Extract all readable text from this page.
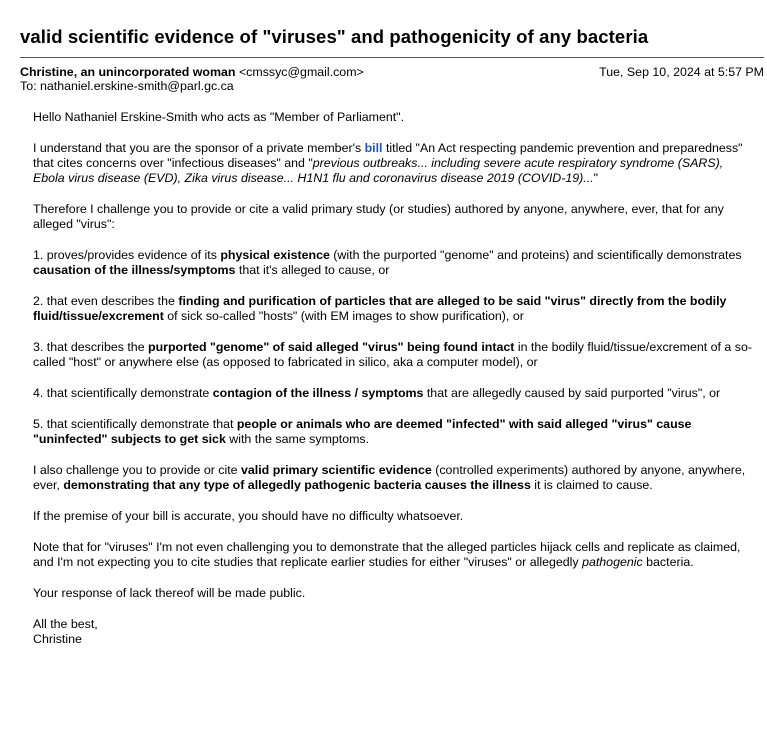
valid scientific evidence of "viruses" and pathogenicity of any bacteria
Christine, an unincorporated woman <cmssyc@gmail.com>	Tue, Sep 10, 2024 at 5:57 PM
To: nathaniel.erskine-smith@parl.gc.ca

Hello Nathaniel Erskine-Smith who acts as "Member of Parliament".

I understand that you are the sponsor of a private member's bill titled "An Act respecting pandemic prevention and preparedness" that cites concerns over "infectious diseases" and "previous outbreaks... including severe acute respiratory syndrome (SARS), Ebola virus disease (EVD), Zika virus disease... H1N1 flu and coronavirus disease 2019 (COVID-19)..."

Therefore I challenge you to provide or cite a valid primary study (or studies) authored by anyone, anywhere, ever, that for any alleged "virus":

1. proves/provides evidence of its physical existence (with the purported "genome" and proteins) and scientifically demonstrates causation of the illness/symptoms that it's alleged to cause, or

2. that even describes the finding and purification of particles that are alleged to be said "virus" directly from the bodily fluid/tissue/excrement of sick so-called "hosts" (with EM images to show purification), or

3. that describes the purported "genome" of said alleged "virus" being found intact in the bodily fluid/tissue/excrement of a so-called "host" or anywhere else (as opposed to fabricated in silico, aka a computer model), or

4. that scientifically demonstrate contagion of the illness / symptoms that are allegedly caused by said purported "virus", or

5. that scientifically demonstrate that people or animals who are deemed "infected" with said alleged "virus" cause "uninfected" subjects to get sick with the same symptoms.

I also challenge you to provide or cite valid primary scientific evidence (controlled experiments) authored by anyone, anywhere, ever, demonstrating that any type of allegedly pathogenic bacteria causes the illness it is claimed to cause.

If the premise of your bill is accurate, you should have no difficulty whatsoever.

Note that for "viruses" I'm not even challenging you to demonstrate that the alleged particles hijack cells and replicate as claimed, and I'm not expecting you to cite studies that replicate earlier studies for either "viruses" or allegedly pathogenic bacteria.

Your response of lack thereof will be made public.

All the best,
Christine
